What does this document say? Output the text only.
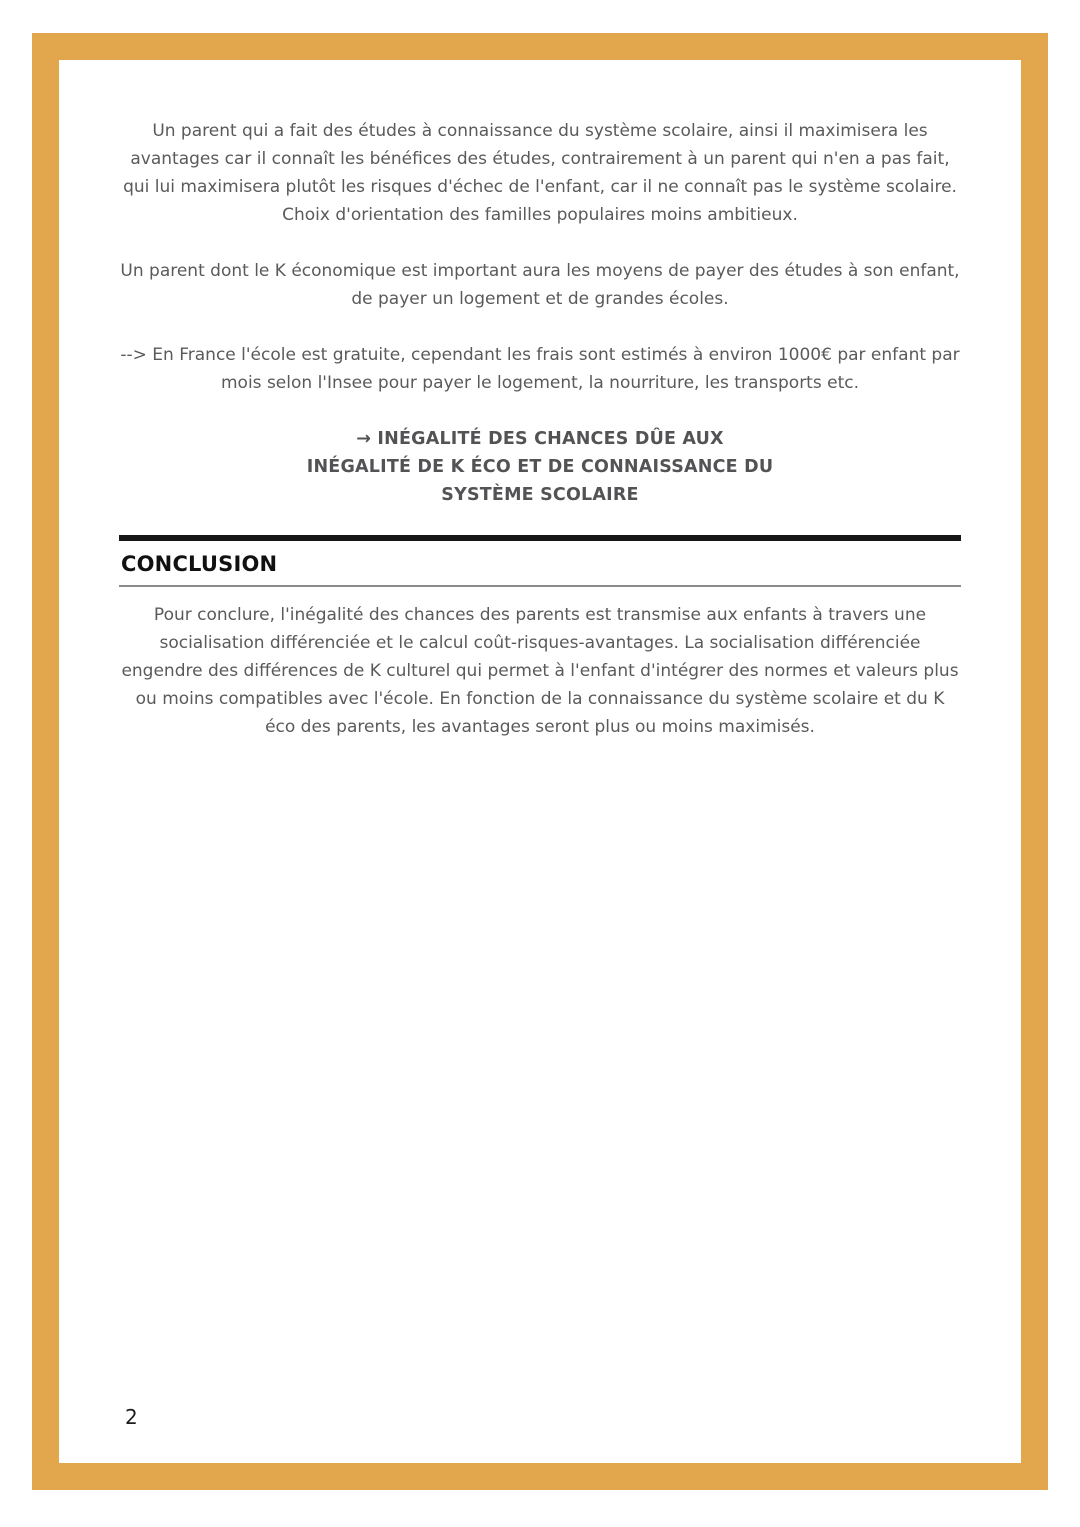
Un parent qui a fait des études à connaissance du système scolaire, ainsi il maximisera les avantages car il connaît les bénéfices des études, contrairement à un parent qui n'en a pas fait, qui lui maximisera plutôt les risques d'échec de l'enfant, car il ne connaît pas le système scolaire. Choix d'orientation des familles populaires moins ambitieux.

Un parent dont le K économique est important aura les moyens de payer des études à son enfant, de payer un logement et de grandes écoles.

--> En France l'école est gratuite, cependant les frais sont estimés à environ 1000€ par enfant par mois selon l'Insee pour payer le logement, la nourriture, les transports etc.

→ INÉGALITÉ DES CHANCES DÛE AUX
INÉGALITÉ DE K ÉCO ET DE CONNAISSANCE DU
SYSTÈME SCOLAIRE
CONCLUSION

Pour conclure, l'inégalité des chances des parents est transmise aux enfants à travers une socialisation différenciée et le calcul coût-risques-avantages. La socialisation différenciée engendre des différences de K culturel qui permet à l'enfant d'intégrer des normes et valeurs plus ou moins compatibles avec l'école. En fonction de la connaissance du système scolaire et du K éco des parents, les avantages seront plus ou moins maximisés.

2
